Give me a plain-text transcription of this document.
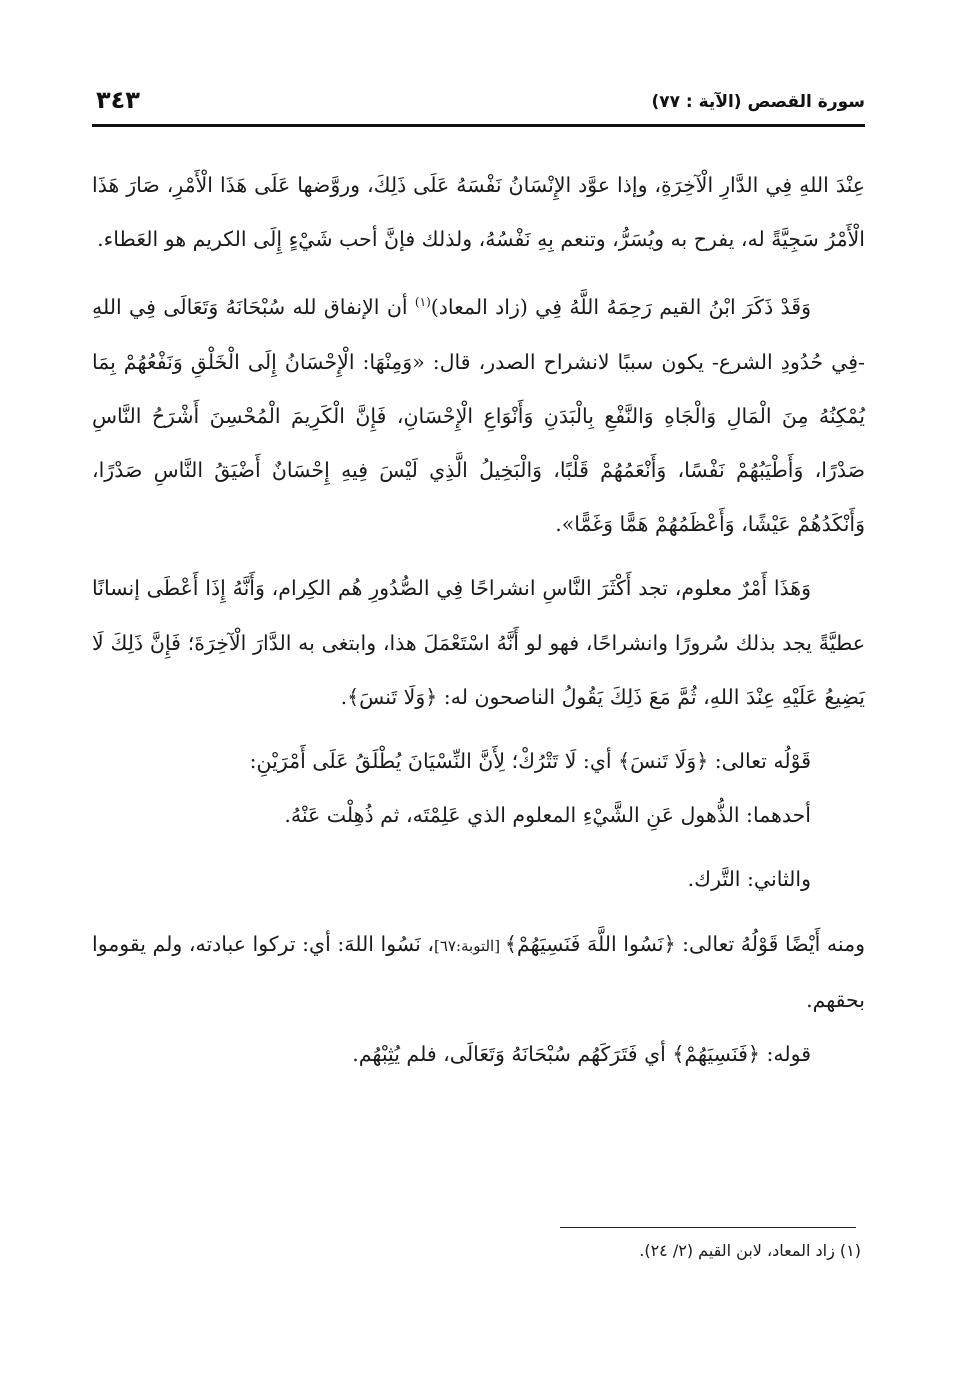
سورة القصص (الآية : ٧٧)
٣٤٣

عِنْدَ اللهِ فِي الدَّارِ الْآخِرَةِ، وإذا عوَّد الإِنْسَانُ نَفْسَهُ عَلَى ذَلِكَ، وروَّضها عَلَى هَذَا الْأَمْرِ، صَارَ هَذَا الْأَمْرُ سَجِيَّةً له، يفرح به ويُسَرُّ، وتنعم بِهِ نَفْسُهُ، ولذلك فإنَّ أحب شَيْءٍ إِلَى الكريم هو العَطاء.

وَقَدْ ذَكَرَ ابْنُ القيم رَحِمَهُ اللَّهُ فِي (زاد المعاد)$^{(١)}$ أن الإنفاق لله سُبْحَانَهُ وَتَعَالَى فِي اللهِ -فِي حُدُودِ الشرع- يكون سببًا لانشراح الصدر، قال: «وَمِنْهَا: الْإِحْسَانُ إِلَى الْخَلْقِ وَنَفْعُهُمْ بِمَا يُمْكِنُهُ مِنَ الْمَالِ وَالْجَاهِ وَالنَّفْعِ بِالْبَدَنِ وَأَنْوَاعِ الْإِحْسَانِ، فَإِنَّ الْكَرِيمَ الْمُحْسِنَ أَشْرَحُ النَّاسِ صَدْرًا، وَأَطْيَبُهُمْ نَفْسًا، وَأَنْعَمُهُمْ قَلْبًا، وَالْبَخِيلُ الَّذِي لَيْسَ فِيهِ إِحْسَانٌ أَضْيَقُ النَّاسِ صَدْرًا، وَأَنْكَدُهُمْ عَيْشًا، وَأَعْظَمُهُمْ هَمًّا وَغَمًّا».

وَهَذَا أَمْرٌ معلوم، تجد أَكْثَرَ النَّاسِ انشراحًا فِي الصُّدُورِ هُم الكِرام، وَأَنَّهُ إِذَا أَعْطَى إنسانًا عطيَّةً يجد بذلك سُرورًا وانشراحًا، فهو لو أَنَّهُ اسْتَعْمَلَ هذا، وابتغى به الدَّارَ الْآخِرَةَ؛ فَإِنَّ ذَلِكَ لَا يَضِيعُ عَلَيْهِ عِنْدَ اللهِ، ثُمَّ مَعَ ذَلِكَ يَقُولُ الناصحون له: ﴿وَلَا تَنسَ﴾.

قَوْلُه تعالى: ﴿وَلَا تَنسَ﴾ أي: لَا تَتْرُكْ؛ لِأَنَّ النِّسْيَانَ يُطْلَقُ عَلَى أَمْرَيْنِ:

أحدهما: الذُّهول عَنِ الشَّيْءِ المعلوم الذي عَلِمْتَه، ثم ذُهِلْت عَنْهُ.

والثاني: التَّرك.

ومنه أَيْضًا قَوْلُهُ تعالى: ﴿نَسُوا اللَّهَ فَنَسِيَهُمْ﴾ [التوبة:٦٧]، نَسُوا اللهَ: أي: تركوا عبادته، ولم يقوموا بحقهم.

قوله: ﴿فَنَسِيَهُمْ﴾ أي فَتَرَكَهُم سُبْحَانَهُ وَتَعَالَى، فلم يُثِبْهُم.

(١) زاد المعاد، لابن القيم (٢/ ٢٤).
